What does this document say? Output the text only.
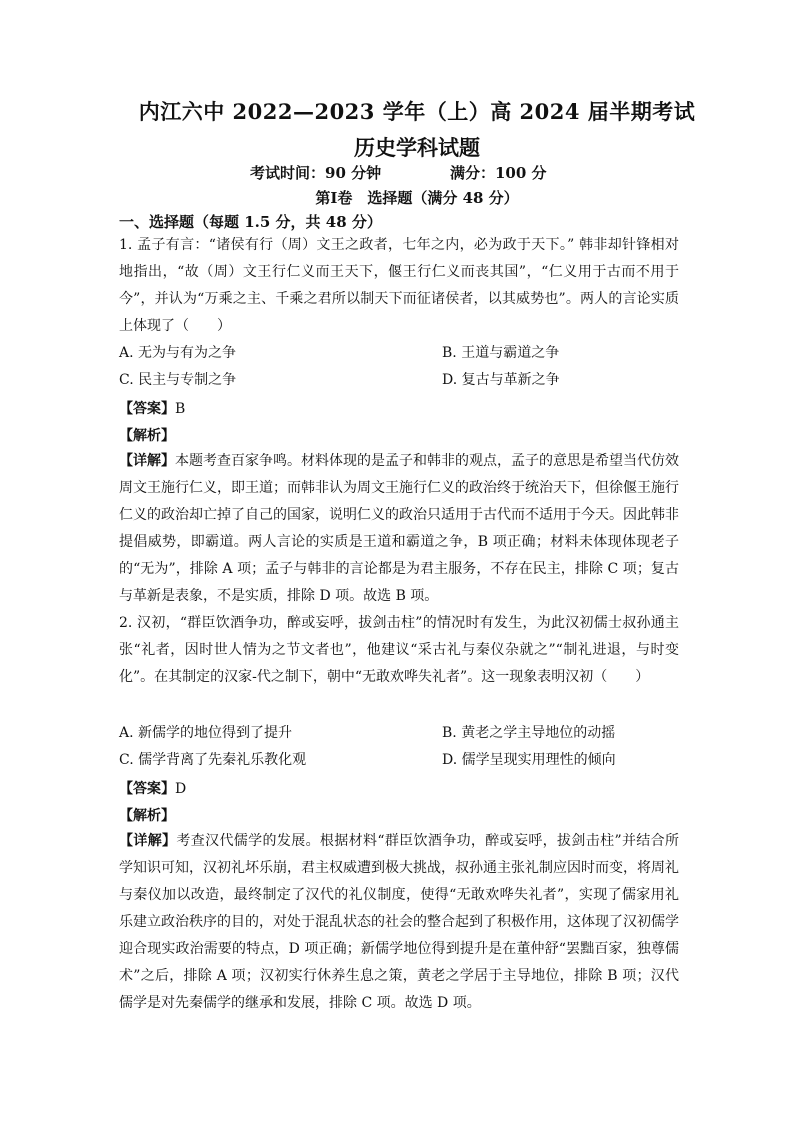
内江六中 2022—2023 学年（上）高 2024 届半期考试
历史学科试题
考试时间：90 分钟	满分：100 分
第Ⅰ卷　选择题（满分 48 分）
一、选择题（每题 1.5 分，共 48 分）

1. 孟子有言：“诸侯有行（周）文王之政者，七年之内，必为政于天下。” 韩非却针锋相对地指出，“故（周）文王行仁义而王天下，偃王行仁义而丧其国”，“仁义用于古而不用于今”，并认为“万乘之主、千乘之君所以制天下而征诸侯者，以其威势也”。两人的言论实质上体现了（　　）

A. 无为与有为之争	B. 王道与霸道之争
C. 民主与专制之争	D. 复古与革新之争
【答案】B
【解析】

【详解】本题考查百家争鸣。材料体现的是孟子和韩非的观点，孟子的意思是希望当代仿效周文王施行仁义，即王道；而韩非认为周文王施行仁义的政治终于统治天下，但徐偃王施行仁义的政治却亡掉了自己的国家，说明仁义的政治只适用于古代而不适用于今天。因此韩非提倡威势，即霸道。两人言论的实质是王道和霸道之争，B 项正确；材料未体现体现老子的“无为”，排除 A 项；孟子与韩非的言论都是为君主服务，不存在民主，排除 C 项；复古与革新是表象，不是实质，排除 D 项。故选 B 项。

2. 汉初，“群臣饮酒争功，醉或妄呼，拔剑击柱”的情况时有发生，为此汉初儒士叔孙通主张“礼者，因时世人情为之节文者也”，他建议“采古礼与秦仪杂就之”“制礼进退，与时变化”。在其制定的汉家-代之制下，朝中“无敢欢哗失礼者”。这一现象表明汉初（　　）

A. 新儒学的地位得到了提升	B. 黄老之学主导地位的动摇
C. 儒学背离了先秦礼乐教化观	D. 儒学呈现实用理性的倾向
【答案】D
【解析】

【详解】考查汉代儒学的发展。根据材料“群臣饮酒争功，醉或妄呼，拔剑击柱”并结合所学知识可知，汉初礼坏乐崩，君主权威遭到极大挑战，叔孙通主张礼制应因时而变，将周礼与秦仪加以改造，最终制定了汉代的礼仪制度，使得“无敢欢哗失礼者”，实现了儒家用礼乐建立政治秩序的目的，对处于混乱状态的社会的整合起到了积极作用，这体现了汉初儒学迎合现实政治需要的特点，D 项正确；新儒学地位得到提升是在董仲舒“罢黜百家，独尊儒术”之后，排除 A 项；汉初实行休养生息之策，黄老之学居于主导地位，排除 B 项；汉代儒学是对先秦儒学的继承和发展，排除 C 项。故选 D 项。
